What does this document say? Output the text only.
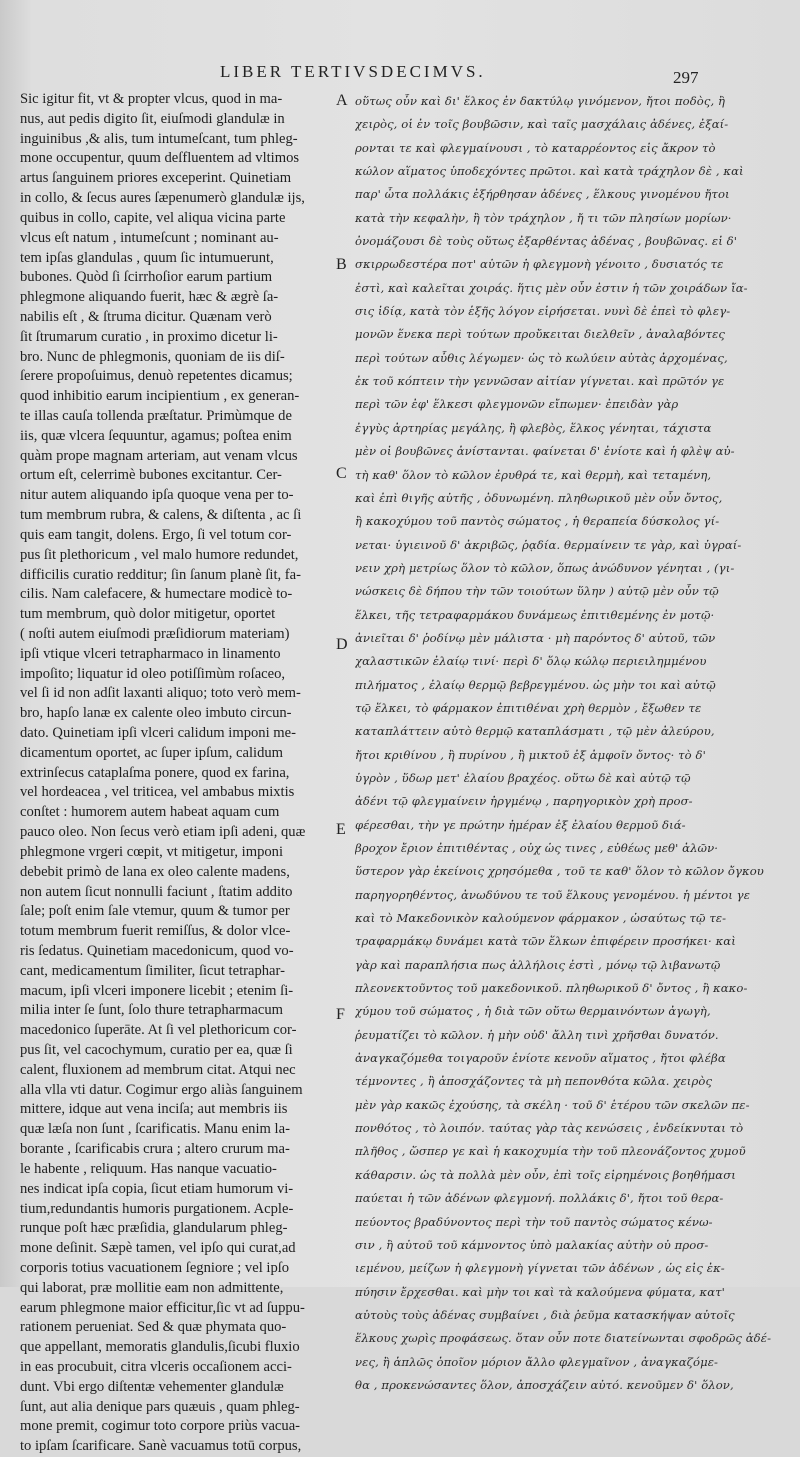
LIBER TERTIVSDECIMVS.	297
Sic igitur fit, vt & propter vlcus, quod in ma-
nus, aut pedis digito ſit, eiuſmodi glandulæ in
inguinibus ,& alis, tum intumeſcant, tum phleg-
mone occupentur, quum deſfluentem ad vltimos
artus ſanguinem priores exceperint. Quinetiam
in collo, & ſecus aures ſæpenumerò glandulæ ijs,
quibus in collo, capite, vel aliqua vicina parte
vlcus eſt natum , intumeſcunt ; nominant au-
tem ipſas glandulas , quum ſic intumuerunt,
bubones. Quòd ſi ſcirrhoſior earum partium
phlegmone aliquando fuerit, hæc & ægrè ſa-
nabilis eſt , & ſtruma dicitur. Quænam verò
ſit ſtrumarum curatio , in proximo dicetur li-
bro. Nunc de phlegmonis, quoniam de iis diſ-
ſerere propoſuimus, denuò repetentes dicamus;
quod inhibitio earum incipientium , ex generan-
te illas cauſa tollenda præſtatur. Primùmque de
iis, quæ vlcera ſequuntur, agamus; poſtea enim
quàm prope magnam arteriam, aut venam vlcus
ortum eſt, celerrimè bubones excitantur. Cer-
nitur autem aliquando ipſa quoque vena per to-
tum membrum rubra, & calens, & diſtenta , ac ſi
quis eam tangit, dolens. Ergo, ſi vel totum cor-
pus ſit plethoricum , vel malo humore redundet,
difficilis curatio redditur; ſin ſanum planè ſit, fa-
cilis. Nam calefacere, & humectare modicè to-
tum membrum, quò dolor mitigetur, oportet
( noſti autem eiuſmodi præſidiorum materiam)
ipſi vtique vlceri tetrapharmaco in linamento
impoſito; liquatur id oleo potiſſimùm roſaceo,
vel ſi id non adſit laxanti aliquo; toto verò mem-
bro, hapſo lanæ ex calente oleo imbuto circun-
dato. Quinetiam ipſi vlceri calidum imponi me-
dicamentum oportet, ac ſuper ipſum, calidum
extrinſecus cataplaſma ponere, quod ex farina,
vel hordeacea , vel triticea, vel ambabus mixtis
conſtet : humorem autem habeat aquam cum
pauco oleo. Non ſecus verò etiam ipſi adeni, quæ
phlegmone vrgeri cœpit, vt mitigetur, imponi
debebit primò de lana ex oleo calente madens,
non autem ſicut nonnulli faciunt , ſtatim addito
ſale; poſt enim ſale vtemur, quum & tumor per
totum membrum fuerit remiſſus, & dolor vlce-
ris ſedatus. Quinetiam macedonicum, quod vo-
cant, medicamentum ſimiliter, ſicut tetraphar-
macum, ipſi vlceri imponere licebit ; etenim ſi-
milia inter ſe ſunt, ſolo thure tetrapharmacum
macedonico ſuperāte. At ſi vel plethoricum cor-
pus ſit, vel cacochymum, curatio per ea, quæ ſi
calent, fluxionem ad membrum citat. Atqui nec
alla vlla vti datur. Cogimur ergo aliàs ſanguinem
mittere, idque aut vena inciſa; aut membris iis
quæ læſa non ſunt , ſcarificatis. Manu enim la-
borante , ſcarificabis crura ; altero crurum ma-
le habente , reliquum. Has nanque vacuatio-
nes indicat ipſa copia, ſicut etiam humorum vi-
tium,redundantis humoris purgationem. Acple-
runque poſt hæc præſidia, glandularum phleg-
mone deſinit. Sæpè tamen, vel ipſo qui curat,ad
corporis totius vacuationem ſegniore ; vel ipſo
qui laborat, præ mollitie eam non admittente,
earum phlegmone maior efficitur,ſic vt ad ſuppu-
rationem perueniat. Sed & quæ phymata quo-
que appellant, memoratis glandulis,ſicubi fluxio
in eas procubuit, citra vlceris occaſionem acci-
dunt. Vbi ergo diſtentæ vehementer glandulæ
ſunt, aut alia denique pars quæuis , quam phleg-
mone premit, cogimur toto corpore priùs vacua-
to ipſam ſcarificare. Sanè vacuamus totū corpus,
οὕτως οὖν καὶ δι' ἕλκος ἐν δακτύλῳ γινόμενον, ἤτοι ποδὸς, ἢ
χειρὸς, οἱ ἐν τοῖς βουβῶσιν, καὶ ταῖς μασχάλαις ἀδένες, ἐξαί-
ρονται τε καὶ φλεγμαίνουσι , τὸ καταρρέοντος εἰς ἄκρον τὸ
κώλον αἵματος ὑποδεχόντες πρῶτοι. καὶ κατὰ τράχηλον δὲ , καὶ
παρ' ὦτα πολλάκις ἐξήρθησαν ἀδένες , ἕλκους γινομένου ἤτοι
κατὰ τὴν κεφαλὴν, ἢ τὸν τράχηλον , ἤ τι τῶν πλησίων μορίων·
ὀνομάζουσι δὲ τοὺς οὕτως ἐξαρθέντας ἀδένας , βουβῶνας. εἰ δ'
σκιρρωδεστέρα ποτ' αὐτῶν ἡ φλεγμονὴ γένοιτο , δυσιατός τε
ἐστὶ, καὶ καλεῖται χοιράς. ἥτις μὲν οὖν ἐστιν ἡ τῶν χοιράδων ἴα-
σις ἰδίᾳ, κατὰ τὸν ἑξῆς λόγον εἰρήσεται. νυνὶ δὲ ἐπεὶ τὸ φλεγ-
μονῶν ἕνεκα περὶ τούτων προὔκειται διελθεῖν , ἀναλαβόντες
περὶ τούτων αὖθις λέγωμεν· ὡς τὸ κωλύειν αὐτὰς ἀρχομένας,
ἐκ τοῦ κόπτειν τὴν γεννῶσαν αἰτίαν γίγνεται. καὶ πρῶτόν γε
περὶ τῶν ἐφ' ἕλκεσι φλεγμονῶν εἴπωμεν· ἐπειδὰν γὰρ
ἐγγὺς ἀρτηρίας μεγάλης, ἢ φλεβὸς, ἕλκος γένηται, τάχιστα
μὲν οἱ βουβῶνες ἀνίστανται. φαίνεται δ' ἐνίοτε καὶ ἡ φλὲψ αὐ-
τὴ καθ' ὅλον τὸ κῶλον ἐρυθρά τε, καὶ θερμὴ, καὶ τεταμένη,
καὶ ἐπὶ θιγῆς αὐτῆς , ὀδυνωμένη. πληθωρικοῦ μὲν οὖν ὄντος,
ἢ κακοχύμου τοῦ παντὸς σώματος , ἡ θεραπεία δύσκολος γί-
νεται· ὑγιεινοῦ δ' ἀκριβῶς, ῥᾳδία. θερμαίνειν τε γὰρ, καὶ ὑγραί-
νειν χρὴ μετρίως ὅλον τὸ κῶλον, ὅπως ἀνώδυνον γένηται , (γι-
νώσκεις δὲ δήπου τὴν τῶν τοιούτων ὕλην ) αὐτῷ μὲν οὖν τῷ
ἕλκει, τῆς τετραφαρμάκου δυνάμεως ἐπιτιθεμένης ἐν μοτῷ·
ἀνιεῖται δ' ῥοδίνῳ μὲν μάλιστα · μὴ παρόντος δ' αὐτοῦ, τῶν
χαλαστικῶν ἐλαίῳ τινί· περὶ δ' ὅλῳ κώλῳ περιειλημμένου
πιλήματος , ἐλαίῳ θερμῷ βεβρεγμένου. ὡς μὴν τοι καὶ αὐτῷ
τῷ ἕλκει, τὸ φάρμακον ἐπιτιθέναι χρὴ θερμὸν , ἔξωθεν τε
καταπλάττειν αὐτὸ θερμῷ καταπλάσματι , τῷ μὲν ἀλεύρου,
ἤτοι κριθίνου , ἢ πυρίνου , ἢ μικτοῦ ἐξ ἀμφοῖν ὄντος· τὸ δ'
ὑγρὸν , ὕδωρ μετ' ἐλαίου βραχέος. οὕτω δὲ καὶ αὐτῷ τῷ
ἀδένι τῷ φλεγμαίνειν ἠργμένῳ , παρηγορικὸν χρὴ προσ-
φέρεσθαι, τὴν γε πρώτην ἡμέραν ἐξ ἐλαίου θερμοῦ διά-
βροχον ἔριον ἐπιτιθέντας , οὐχ ὡς τινες , εὐθέως μεθ' ἁλῶν·
ὕστερον γὰρ ἐκείνοις χρησόμεθα , τοῦ τε καθ' ὅλον τὸ κῶλον ὄγκου
παρηγορηθέντος, ἀνωδύνου τε τοῦ ἕλκους γενομένου. ἡ μέντοι γε
καὶ τὸ Μακεδονικὸν καλούμενον φάρμακον , ὡσαύτως τῷ τε-
τραφαρμάκῳ δυνάμει κατὰ τῶν ἕλκων ἐπιφέρειν προσήκει· καὶ
γὰρ καὶ παραπλήσια πως ἀλλήλοις ἐστὶ , μόνῳ τῷ λιβανωτῷ
πλεονεκτοῦντος τοῦ μακεδονικοῦ. πληθωρικοῦ δ' ὄντος , ἢ κακο-
χύμου τοῦ σώματος , ἡ διὰ τῶν οὕτω θερμαινόντων ἀγωγὴ,
ῥευματίζει τὸ κῶλον. ἡ μὴν οὐδ' ἄλλη τινὶ χρῆσθαι δυνατόν.
ἀναγκαζόμεθα τοιγαροῦν ἐνίοτε κενοῦν αἵματος , ἤτοι φλέβα
τέμνοντες , ἢ ἀποσχάζοντες τὰ μὴ πεπονθότα κῶλα. χειρὸς
μὲν γὰρ κακῶς ἐχούσης, τὰ σκέλη · τοῦ δ' ἑτέρου τῶν σκελῶν πε-
πονθότος , τὸ λοιπόν. ταύτας γὰρ τὰς κενώσεις , ἐνδείκνυται τὸ
πλῆθος , ὥσπερ γε καὶ ἡ κακοχυμία τὴν τοῦ πλεονάζοντος χυμοῦ
κάθαρσιν. ὡς τὰ πολλὰ μὲν οὖν, ἐπὶ τοῖς εἰρημένοις βοηθήμασι
παύεται ἡ τῶν ἀδένων φλεγμονή. πολλάκις δ', ἤτοι τοῦ θερα-
πεύοντος βραδύνοντος περὶ τὴν τοῦ παντὸς σώματος κένω-
σιν , ἢ αὐτοῦ τοῦ κάμνοντος ὑπὸ μαλακίας αὐτὴν οὐ προσ-
ιεμένου, μείζων ἡ φλεγμονὴ γίγνεται τῶν ἀδένων , ὡς εἰς ἐκ-
πύησιν ἔρχεσθαι. καὶ μὴν τοι καὶ τὰ καλούμενα φύματα, κατ'
αὐτοὺς τοὺς ἀδένας συμβαίνει , διὰ ῥεῦμα κατασκήψαν αὐτοῖς
ἕλκους χωρὶς προφάσεως. ὅταν οὖν ποτε διατείνωνται σφοδρῶς ἀδέ-
νες, ἢ ἁπλῶς ὁποῖον μόριον ἄλλο φλεγμαῖνον , ἀναγκαζόμε-
θα , προκενώσαντες ὅλον, ἀποσχάζειν αὐτό. κενοῦμεν δ' ὅλον,
A
B
C
D
E
F
